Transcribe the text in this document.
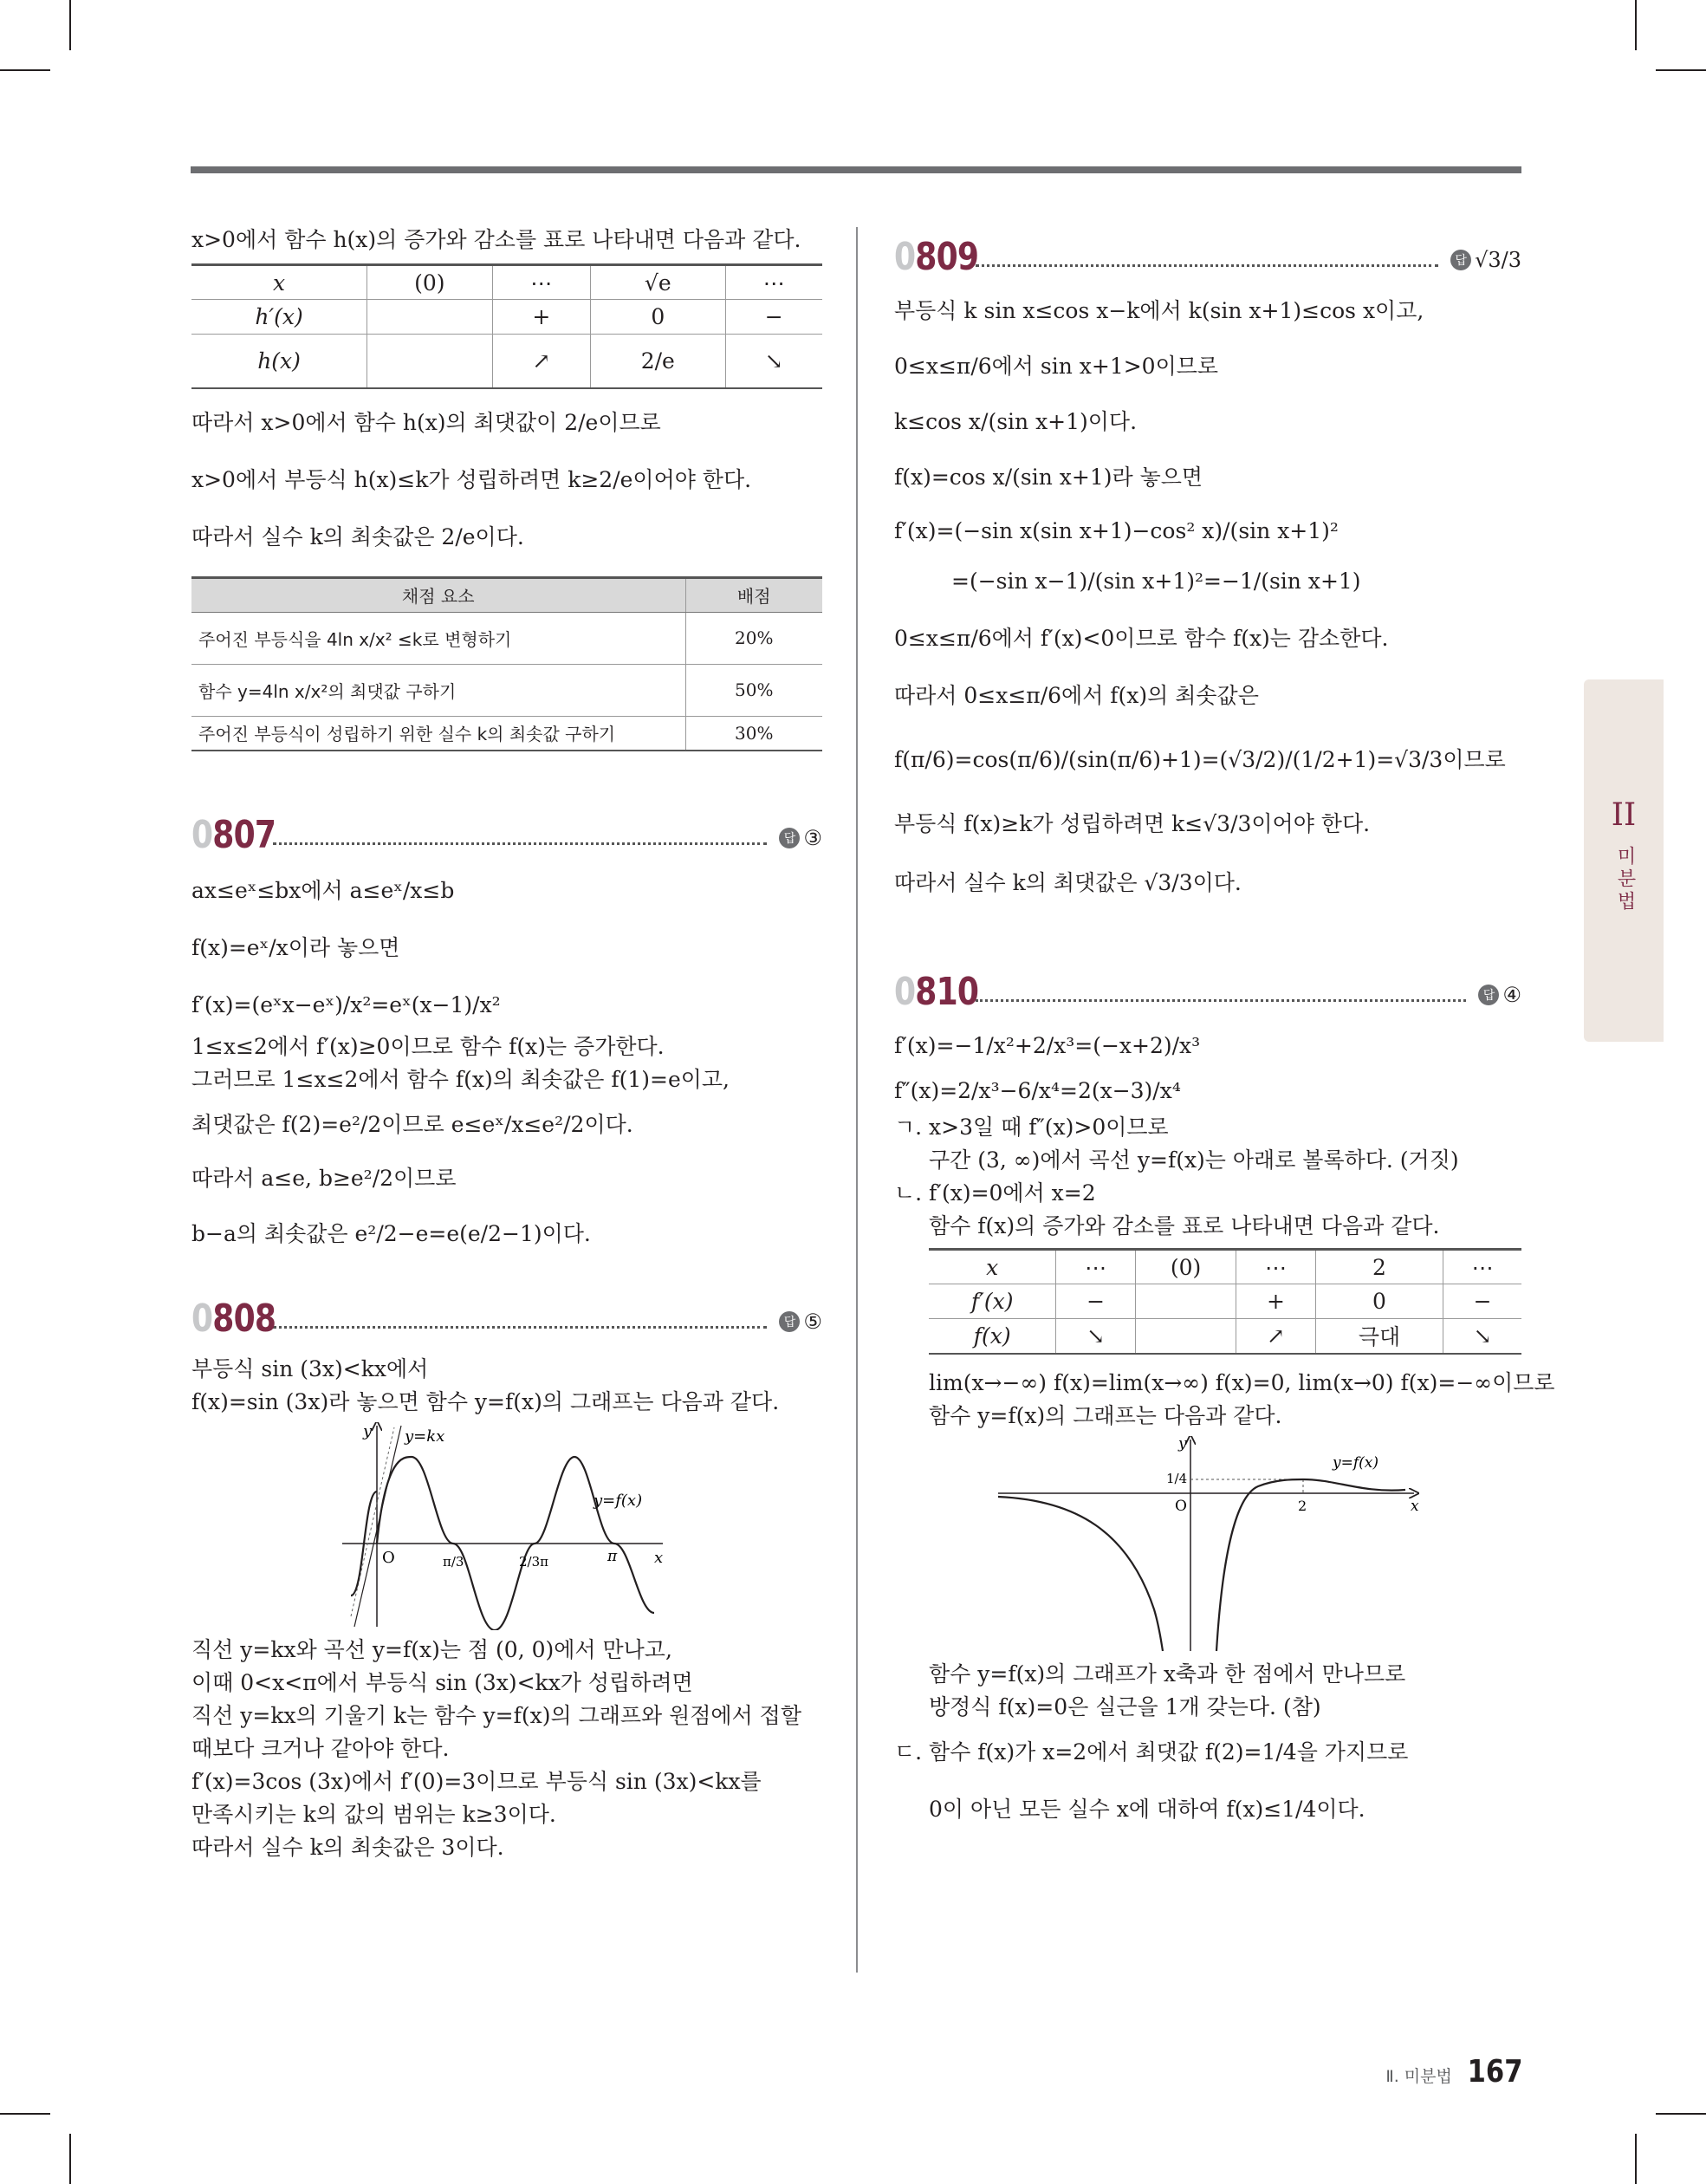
x>0에서 함수 h(x)의 증가와 감소를 표로 나타내면 다음과 같다.
x	(0)	⋯	√e	⋯
h′(x)		+	0	−
h(x)		↗	2/e	↘
따라서 x>0에서 함수 h(x)의 최댓값이 2/e이므로
x>0에서 부등식 h(x)≤k가 성립하려면 k≥2/e이어야 한다.
따라서 실수 k의 최솟값은 2/e이다.
채점 요소	배점
주어진 부등식을 4ln x/x² ≤k로 변형하기	20%
함수 y=4ln x/x²의 최댓값 구하기	50%
주어진 부등식이 성립하기 위한 실수 k의 최솟값 구하기	30%
0807	답 ③
ax≤eˣ≤bx에서 a≤eˣ/x≤b
f(x)=eˣ/x이라 놓으면
f′(x)=(eˣx−eˣ)/x²=eˣ(x−1)/x²
1≤x≤2에서 f′(x)≥0이므로 함수 f(x)는 증가한다.
그러므로 1≤x≤2에서 함수 f(x)의 최솟값은 f(1)=e이고,
최댓값은 f(2)=e²/2이므로 e≤eˣ/x≤e²/2이다.
따라서 a≤e, b≥e²/2이므로
b−a의 최솟값은 e²/2−e=e(e/2−1)이다.
0808	답 ⑤
부등식 sin (3x)<kx에서
f(x)=sin (3x)라 놓으면 함수 y=f(x)의 그래프는 다음과 같다.
y y=kx
y=f(x)
O	x
π/3	2/3π	π
직선 y=kx와 곡선 y=f(x)는 점 (0, 0)에서 만나고,
이때 0<x<π에서 부등식 sin (3x)<kx가 성립하려면
직선 y=kx의 기울기 k는 함수 y=f(x)의 그래프와 원점에서 접할
때보다 크거나 같아야 한다.
f′(x)=3cos (3x)에서 f′(0)=3이므로 부등식 sin (3x)<kx를
만족시키는 k의 값의 범위는 k≥3이다.
따라서 실수 k의 최솟값은 3이다.
0809	답 √3/3
부등식 k sin x≤cos x−k에서 k(sin x+1)≤cos x이고,
0≤x≤π/6에서 sin x+1>0이므로
k≤cos x/(sin x+1)이다.
f(x)=cos x/(sin x+1)라 놓으면
f′(x)=(−sin x(sin x+1)−cos² x)/(sin x+1)²
=(−sin x−1)/(sin x+1)²=−1/(sin x+1)
0≤x≤π/6에서 f′(x)<0이므로 함수 f(x)는 감소한다.
따라서 0≤x≤π/6에서 f(x)의 최솟값은
f(π/6)=cos(π/6)/(sin(π/6)+1)=(√3/2)/(1/2+1)=√3/3이므로
부등식 f(x)≥k가 성립하려면 k≤√3/3이어야 한다.
따라서 실수 k의 최댓값은 √3/3이다.
0810	답 ④
f′(x)=−1/x²+2/x³=(−x+2)/x³
f″(x)=2/x³−6/x⁴=2(x−3)/x⁴
ㄱ. x>3일 때 f″(x)>0이므로
구간 (3, ∞)에서 곡선 y=f(x)는 아래로 볼록하다. (거짓)
ㄴ. f′(x)=0에서 x=2
함수 f(x)의 증가와 감소를 표로 나타내면 다음과 같다.
x	⋯	(0)	⋯	2	⋯
f′(x)	−		+	0	−
f(x)	↘		↗	극대	↘
lim(x→−∞) f(x)=lim(x→∞) f(x)=0, lim(x→0) f(x)=−∞이므로
함수 y=f(x)의 그래프는 다음과 같다.
y
y=f(x)
1/4
O	2	x
함수 y=f(x)의 그래프가 x축과 한 점에서 만나므로
방정식 f(x)=0은 실근을 1개 갖는다. (참)
ㄷ. 함수 f(x)가 x=2에서 최댓값 f(2)=1/4을 가지므로
0이 아닌 모든 실수 x에 대하여 f(x)≤1/4이다.
II
미분법
Ⅱ. 미분법 167
